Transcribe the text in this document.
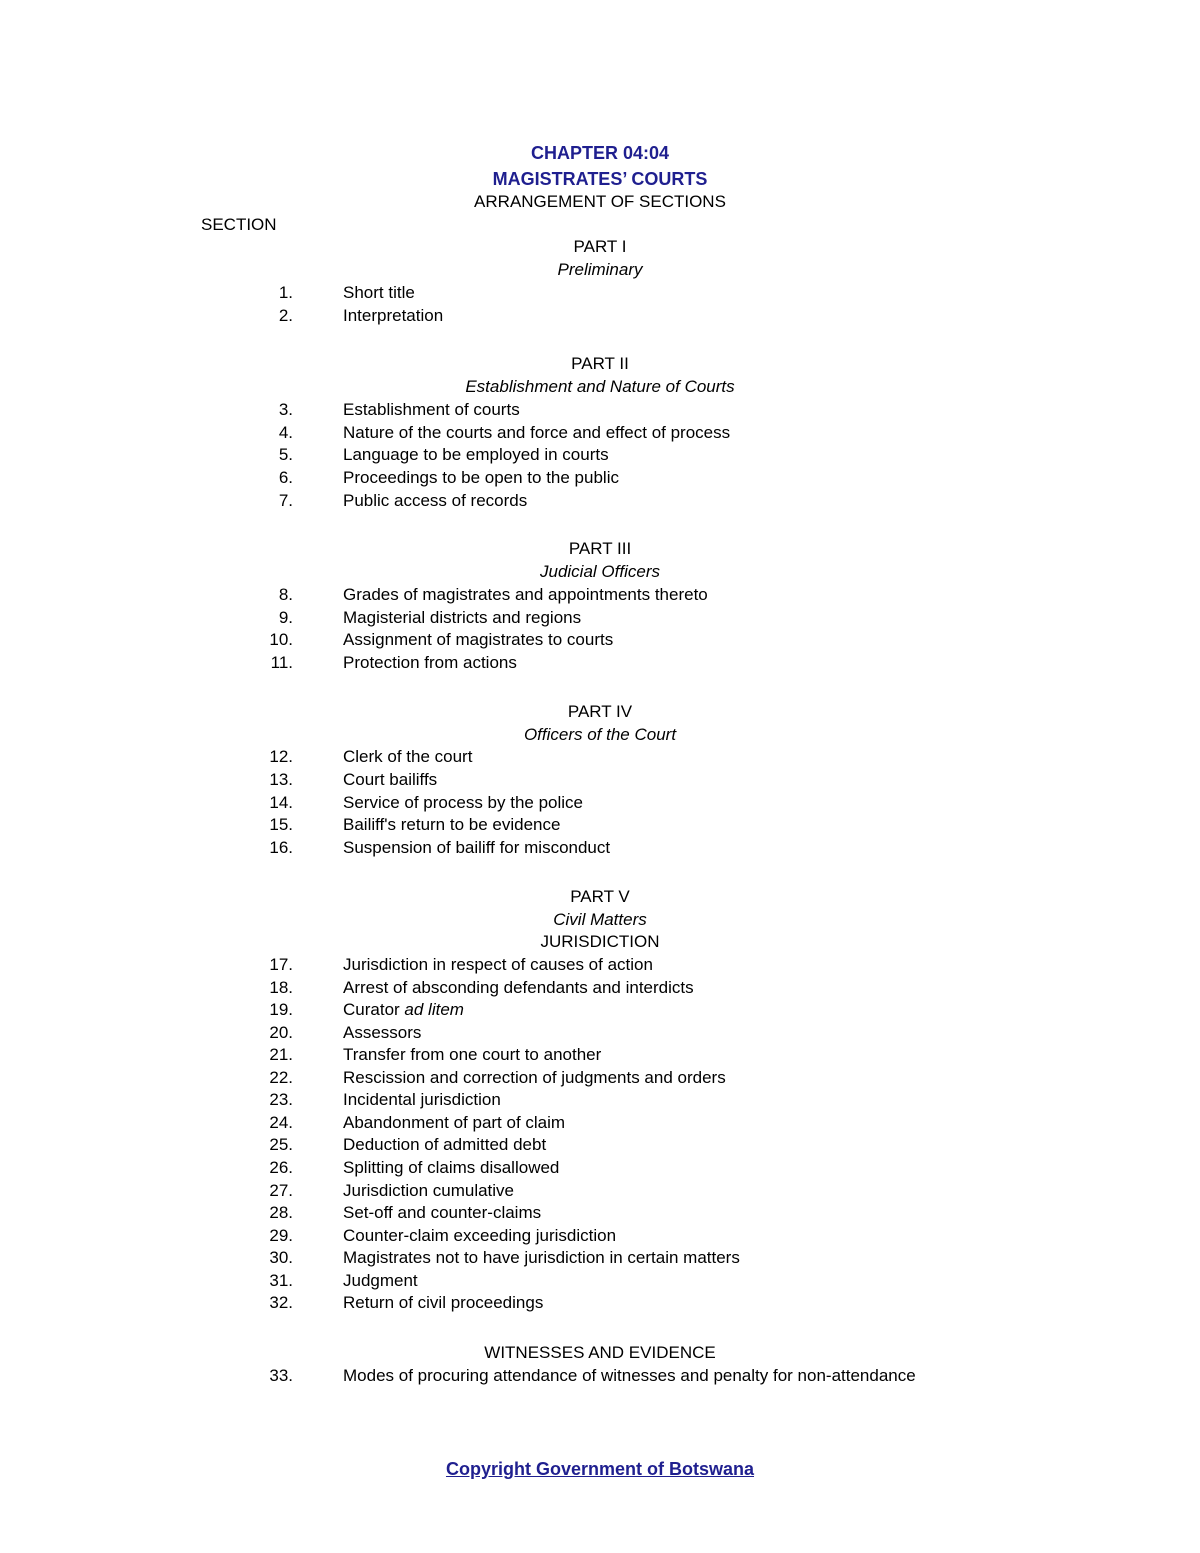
CHAPTER 04:04
MAGISTRATES’ COURTS
ARRANGEMENT OF SECTIONS
SECTION
PART I
Preliminary
1.	Short title
2.	Interpretation
PART II
Establishment and Nature of Courts
3.	Establishment of courts
4.	Nature of the courts and force and effect of process
5.	Language to be employed in courts
6.	Proceedings to be open to the public
7.	Public access of records
PART III
Judicial Officers
8.	Grades of magistrates and appointments thereto
9.	Magisterial districts and regions
10.	Assignment of magistrates to courts
11.	Protection from actions
PART IV
Officers of the Court
12.	Clerk of the court
13.	Court bailiffs
14.	Service of process by the police
15.	Bailiff's return to be evidence
16.	Suspension of bailiff for misconduct
PART V
Civil Matters
JURISDICTION
17.	Jurisdiction in respect of causes of action
18.	Arrest of absconding defendants and interdicts
19.	Curator ad litem
20.	Assessors
21.	Transfer from one court to another
22.	Rescission and correction of judgments and orders
23.	Incidental jurisdiction
24.	Abandonment of part of claim
25.	Deduction of admitted debt
26.	Splitting of claims disallowed
27.	Jurisdiction cumulative
28.	Set-off and counter-claims
29.	Counter-claim exceeding jurisdiction
30.	Magistrates not to have jurisdiction in certain matters
31.	Judgment
32.	Return of civil proceedings
WITNESSES AND EVIDENCE
33.	Modes of procuring attendance of witnesses and penalty for non-attendance
Copyright Government of Botswana
